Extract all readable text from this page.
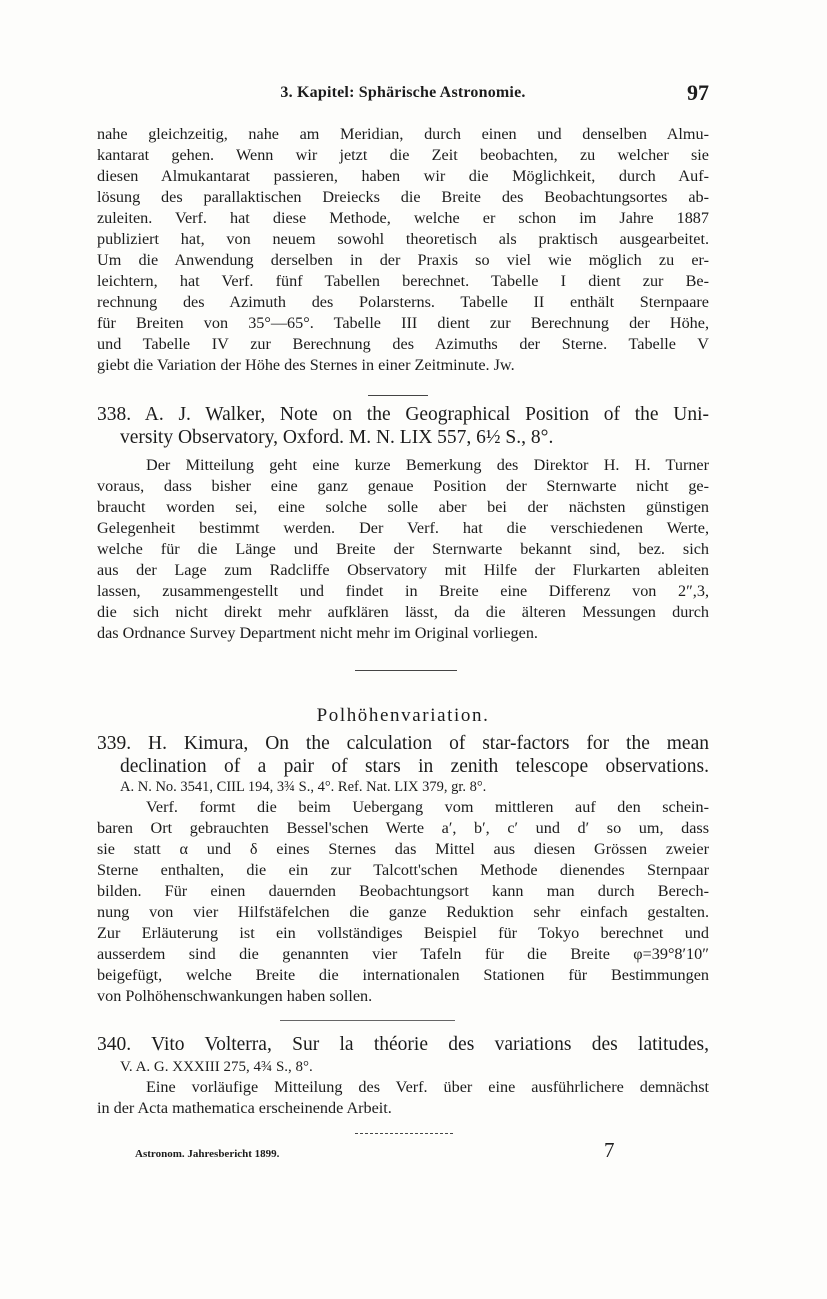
3. Kapitel: Sphärische Astronomie.	97
nahe gleichzeitig, nahe am Meridian, durch einen und denselben Almu-
kantarat gehen. Wenn wir jetzt die Zeit beobachten, zu welcher sie
diesen Almukantarat passieren, haben wir die Möglichkeit, durch Auf-
lösung des parallaktischen Dreiecks die Breite des Beobachtungsortes ab-
zuleiten. Verf. hat diese Methode, welche er schon im Jahre 1887
publiziert hat, von neuem sowohl theoretisch als praktisch ausgearbeitet.
Um die Anwendung derselben in der Praxis so viel wie möglich zu er-
leichtern, hat Verf. fünf Tabellen berechnet. Tabelle I dient zur Be-
rechnung des Azimuth des Polarsterns. Tabelle II enthält Sternpaare
für Breiten von 35°—65°. Tabelle III dient zur Berechnung der Höhe,
und Tabelle IV zur Berechnung des Azimuths der Sterne. Tabelle V
giebt die Variation der Höhe des Sternes in einer Zeitminute. Jw.
338. A. J. Walker, Note on the Geographical Position of the Uni-
versity Observatory, Oxford. M. N. LIX 557, 6½ S., 8°.
Der Mitteilung geht eine kurze Bemerkung des Direktor H. H. Turner
voraus, dass bisher eine ganz genaue Position der Sternwarte nicht ge-
braucht worden sei, eine solche solle aber bei der nächsten günstigen
Gelegenheit bestimmt werden. Der Verf. hat die verschiedenen Werte,
welche für die Länge und Breite der Sternwarte bekannt sind, bez. sich
aus der Lage zum Radcliffe Observatory mit Hilfe der Flurkarten ableiten
lassen, zusammengestellt und findet in Breite eine Differenz von 2″,3,
die sich nicht direkt mehr aufklären lässt, da die älteren Messungen durch
das Ordnance Survey Department nicht mehr im Original vorliegen.
Polhöhenvariation.
339. H. Kimura, On the calculation of star-factors for the mean
declination of a pair of stars in zenith telescope observations.
A. N. No. 3541, CIIL 194, 3¾ S., 4°. Ref. Nat. LIX 379, gr. 8°.
Verf. formt die beim Uebergang vom mittleren auf den schein-
baren Ort gebrauchten Bessel'schen Werte a′, b′, c′ und d′ so um, dass
sie statt α und δ eines Sternes das Mittel aus diesen Grössen zweier
Sterne enthalten, die ein zur Talcott'schen Methode dienendes Sternpaar
bilden. Für einen dauernden Beobachtungsort kann man durch Berech-
nung von vier Hilfstäfelchen die ganze Reduktion sehr einfach gestalten.
Zur Erläuterung ist ein vollständiges Beispiel für Tokyo berechnet und
ausserdem sind die genannten vier Tafeln für die Breite φ=39°8′10″
beigefügt, welche Breite die internationalen Stationen für Bestimmungen
von Polhöhenschwankungen haben sollen.
340. Vito Volterra, Sur la théorie des variations des latitudes,
V. A. G. XXXIII 275, 4¾ S., 8°.
Eine vorläufige Mitteilung des Verf. über eine ausführlichere demnächst
in der Acta mathematica erscheinende Arbeit.
Astronom. Jahresbericht 1899.	7
